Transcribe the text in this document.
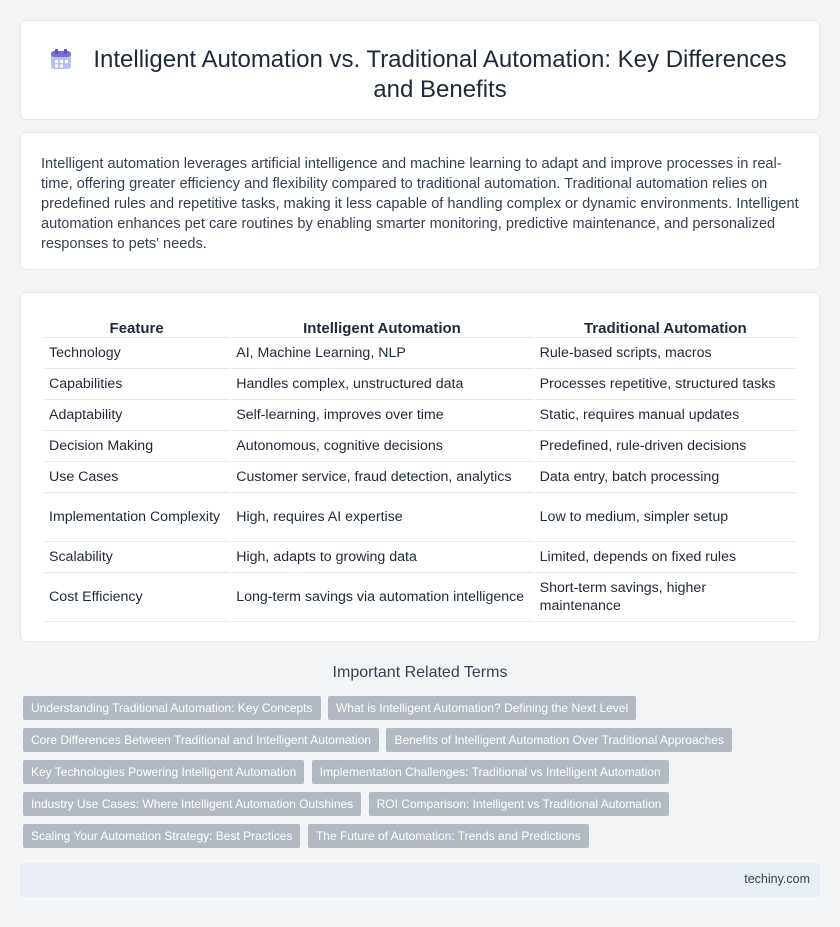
Intelligent Automation vs. Traditional Automation: Key Differences and Benefits

Intelligent automation leverages artificial intelligence and machine learning to adapt and improve processes in real-time, offering greater efficiency and flexibility compared to traditional automation. Traditional automation relies on predefined rules and repetitive tasks, making it less capable of handling complex or dynamic environments. Intelligent automation enhances pet care routines by enabling smarter monitoring, predictive maintenance, and personalized responses to pets' needs.

Feature	Intelligent Automation	Traditional Automation
Technology	AI, Machine Learning, NLP	Rule-based scripts, macros
Capabilities	Handles complex, unstructured data	Processes repetitive, structured tasks
Adaptability	Self-learning, improves over time	Static, requires manual updates
Decision Making	Autonomous, cognitive decisions	Predefined, rule-driven decisions
Use Cases	Customer service, fraud detection, analytics	Data entry, batch processing
Implementation Complexity	High, requires AI expertise	Low to medium, simpler setup
Scalability	High, adapts to growing data	Limited, depends on fixed rules
Cost Efficiency	Long-term savings via automation intelligence	Short-term savings, higher maintenance
Important Related Terms
Understanding Traditional Automation: Key Concepts What is Intelligent Automation? Defining the Next Level
Core Differences Between Traditional and Intelligent Automation Benefits of Intelligent Automation Over Traditional Approaches
Key Technologies Powering Intelligent Automation Implementation Challenges: Traditional vs Intelligent Automation
Industry Use Cases: Where Intelligent Automation Outshines ROI Comparison: Intelligent vs Traditional Automation
Scaling Your Automation Strategy: Best Practices The Future of Automation: Trends and Predictions
techiny.com
